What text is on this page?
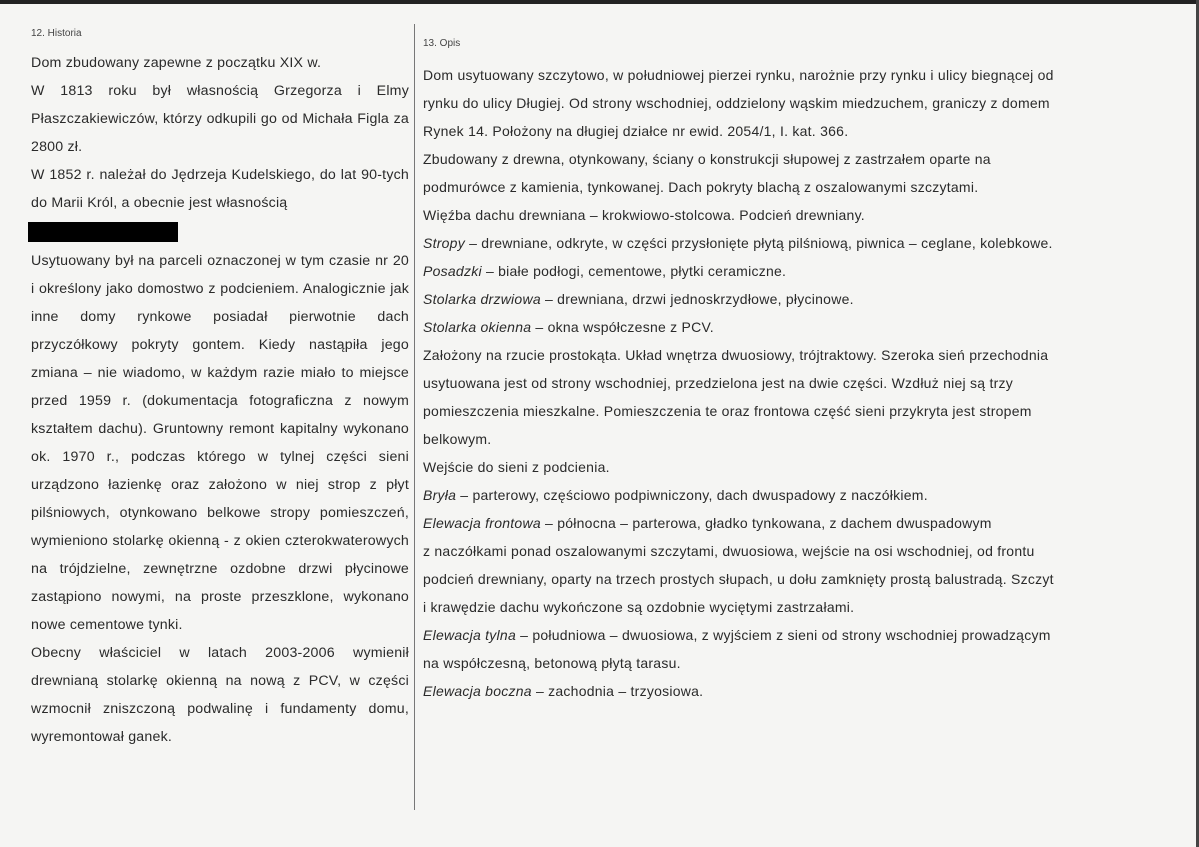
12. Historia

Dom zbudowany zapewne z początku XIX w.

W 1813 roku był własnością Grzegorza i Elmy Płaszczakiewiczów, którzy odkupili go od Michała Figla za 2800 zł.

W 1852 r. należał do Jędrzeja Kudelskiego, do lat 90-tych do Marii Król, a obecnie jest własnością

Usytuowany był na parceli oznaczonej w tym czasie nr 20 i określony jako domostwo z podcieniem. Analogicznie jak inne domy rynkowe posiadał pierwotnie dach przyczółkowy pokryty gontem. Kiedy nastąpiła jego zmiana – nie wiadomo, w każdym razie miało to miejsce przed 1959 r. (dokumentacja fotograficzna z nowym kształtem dachu). Gruntowny remont kapitalny wykonano ok. 1970 r., podczas którego w tylnej części sieni urządzono łazienkę oraz założono w niej strop z płyt pilśniowych, otynkowano belkowe stropy pomieszczeń, wymieniono stolarkę okienną - z okien czterokwaterowych na trójdzielne, zewnętrzne ozdobne drzwi płycinowe zastąpiono nowymi, na proste przeszklone, wykonano nowe cementowe tynki.

Obecny właściciel w latach 2003-2006 wymienił drewnianą stolarkę okienną na nową z PCV, w części wzmocnił zniszczoną podwalinę i fundamenty domu, wyremontował ganek.

13. Opis

Dom usytuowany szczytowo, w południowej pierzei rynku, narożnie przy rynku i ulicy biegnącej od

rynku do ulicy Długiej. Od strony wschodniej, oddzielony wąskim miedzuchem, graniczy z domem

Rynek 14. Położony na długiej działce nr ewid. 2054/1, I. kat. 366.

Zbudowany z drewna, otynkowany, ściany o konstrukcji słupowej z zastrzałem oparte na

podmurówce z kamienia, tynkowanej. Dach pokryty blachą z oszalowanymi szczytami.

Więźba dachu drewniana – krokwiowo-stolcowa. Podcień drewniany.

Stropy – drewniane, odkryte, w części przysłonięte płytą pilśniową, piwnica – ceglane, kolebkowe.

Posadzki – białe podłogi, cementowe, płytki ceramiczne.

Stolarka drzwiowa – drewniana, drzwi jednoskrzydłowe, płycinowe.

Stolarka okienna – okna współczesne z PCV.

Założony na rzucie prostokąta. Układ wnętrza dwuosiowy, trójtraktowy. Szeroka sień przechodnia

usytuowana jest od strony wschodniej, przedzielona jest na dwie części. Wzdłuż niej są trzy

pomieszczenia mieszkalne. Pomieszczenia te oraz frontowa część sieni przykryta jest stropem

belkowym.

Wejście do sieni z podcienia.

Bryła – parterowy, częściowo podpiwniczony, dach dwuspadowy z naczółkiem.

Elewacja frontowa – północna – parterowa, gładko tynkowana, z dachem dwuspadowym

z naczółkami ponad oszalowanymi szczytami, dwuosiowa, wejście na osi wschodniej, od frontu

podcień drewniany, oparty na trzech prostych słupach, u dołu zamknięty prostą balustradą. Szczyt

i krawędzie dachu wykończone są ozdobnie wyciętymi zastrzałami.

Elewacja tylna – południowa – dwuosiowa, z wyjściem z sieni od strony wschodniej prowadzącym

na współczesną, betonową płytą tarasu.

Elewacja boczna – zachodnia – trzyosiowa.
